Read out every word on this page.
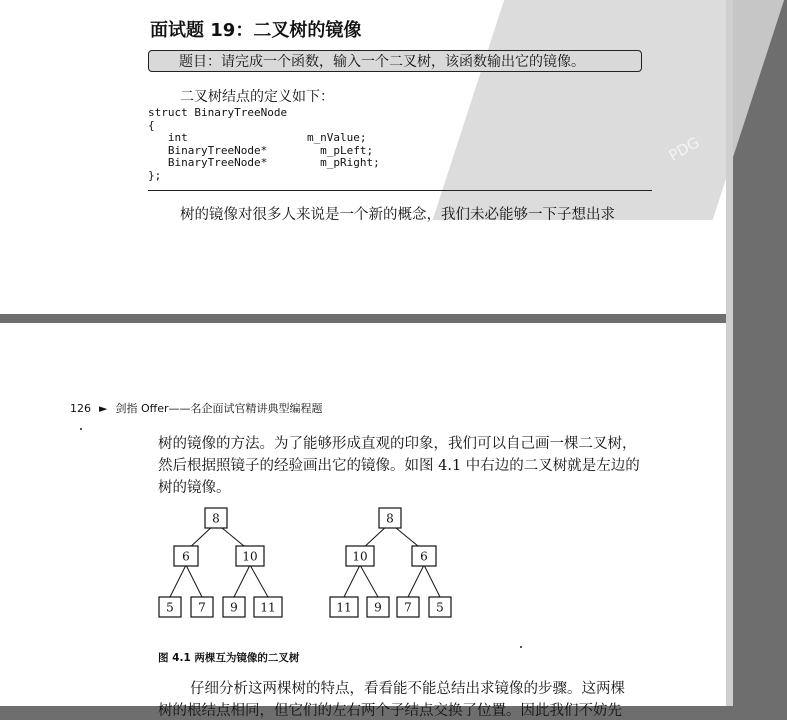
PDG
面试题 19：二叉树的镜像
题目：请完成一个函数，输入一个二叉树，该函数输出它的镜像。
二叉树结点的定义如下：
struct BinaryTreeNode
{
int                  m_nValue;
BinaryTreeNode*        m_pLeft;
BinaryTreeNode*        m_pRight;
};
树的镜像对很多人来说是一个新的概念，我们未必能够一下子想出求
126 ► 剑指 Offer——名企面试官精讲典型编程题

树的镜像的方法。为了能够形成直观的印象，我们可以自己画一棵二叉树，

然后根据照镜子的经验画出它的镜像。如图 4.1 中右边的二叉树就是左边的

树的镜像。

8
6	10
5 7 9 11
8
10	6
11 9 7 5
图 4.1 两棵互为镜像的二叉树
仔细分析这两棵树的特点，看看能不能总结出求镜像的步骤。这两棵
树的根结点相同，但它们的左右两个子结点交换了位置。因此我们不妨先
